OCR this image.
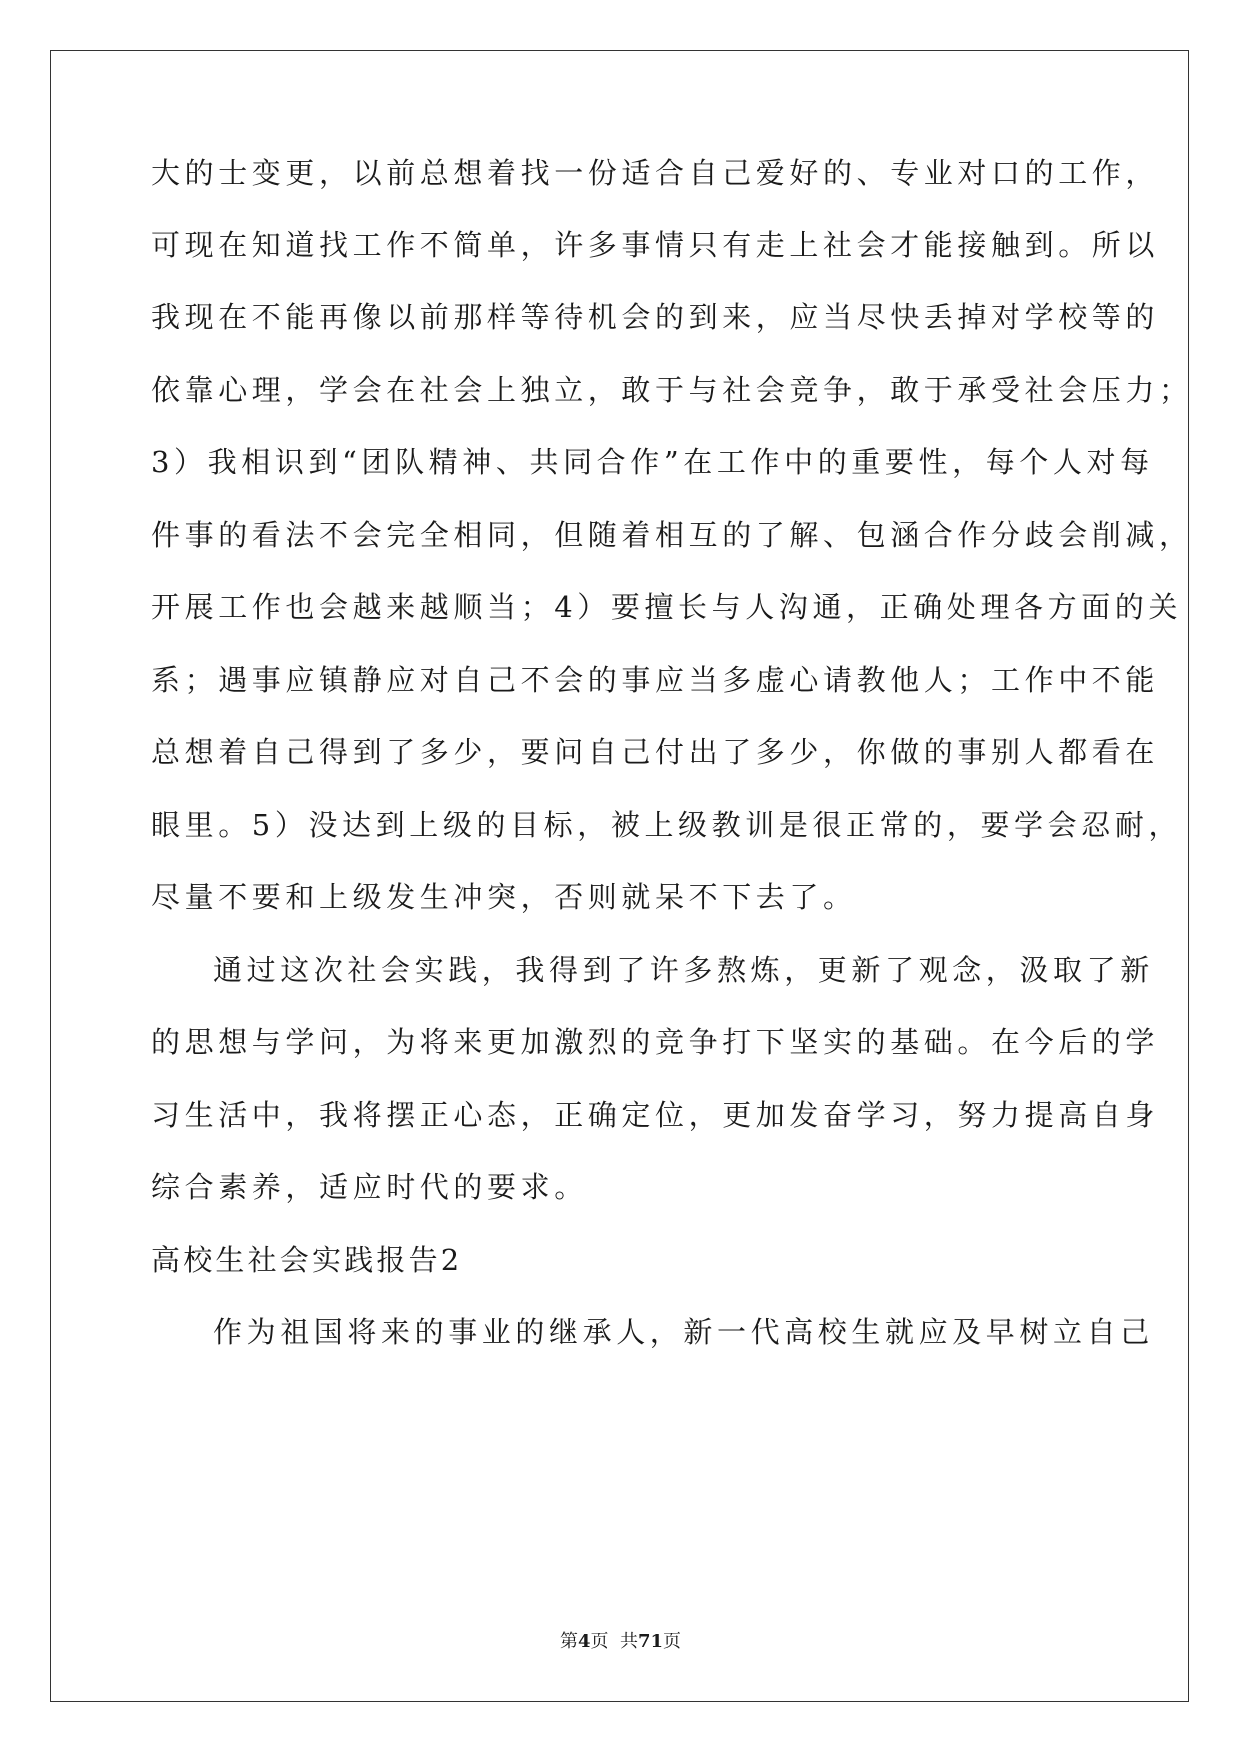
大的士变更，以前总想着找一份适合自己爱好的、专业对口的工作，
可现在知道找工作不简单，许多事情只有走上社会才能接触到。所以
我现在不能再像以前那样等待机会的到来，应当尽快丢掉对学校等的
依靠心理，学会在社会上独立，敢于与社会竞争，敢于承受社会压力；
3）我相识到“团队精神、共同合作”在工作中的重要性，每个人对每
件事的看法不会完全相同，但随着相互的了解、包涵合作分歧会削减，
开展工作也会越来越顺当；4）要擅长与人沟通，正确处理各方面的关
系；遇事应镇静应对自己不会的事应当多虚心请教他人；工作中不能
总想着自己得到了多少，要问自己付出了多少，你做的事别人都看在
眼里。5）没达到上级的目标，被上级教训是很正常的，要学会忍耐，
尽量不要和上级发生冲突，否则就呆不下去了。
通过这次社会实践，我得到了许多熬炼，更新了观念，汲取了新
的思想与学问，为将来更加激烈的竞争打下坚实的基础。在今后的学
习生活中，我将摆正心态，正确定位，更加发奋学习，努力提高自身
综合素养，适应时代的要求。
高校生社会实践报告2
作为祖国将来的事业的继承人，新一代高校生就应及早树立自己
第4页  共71页
